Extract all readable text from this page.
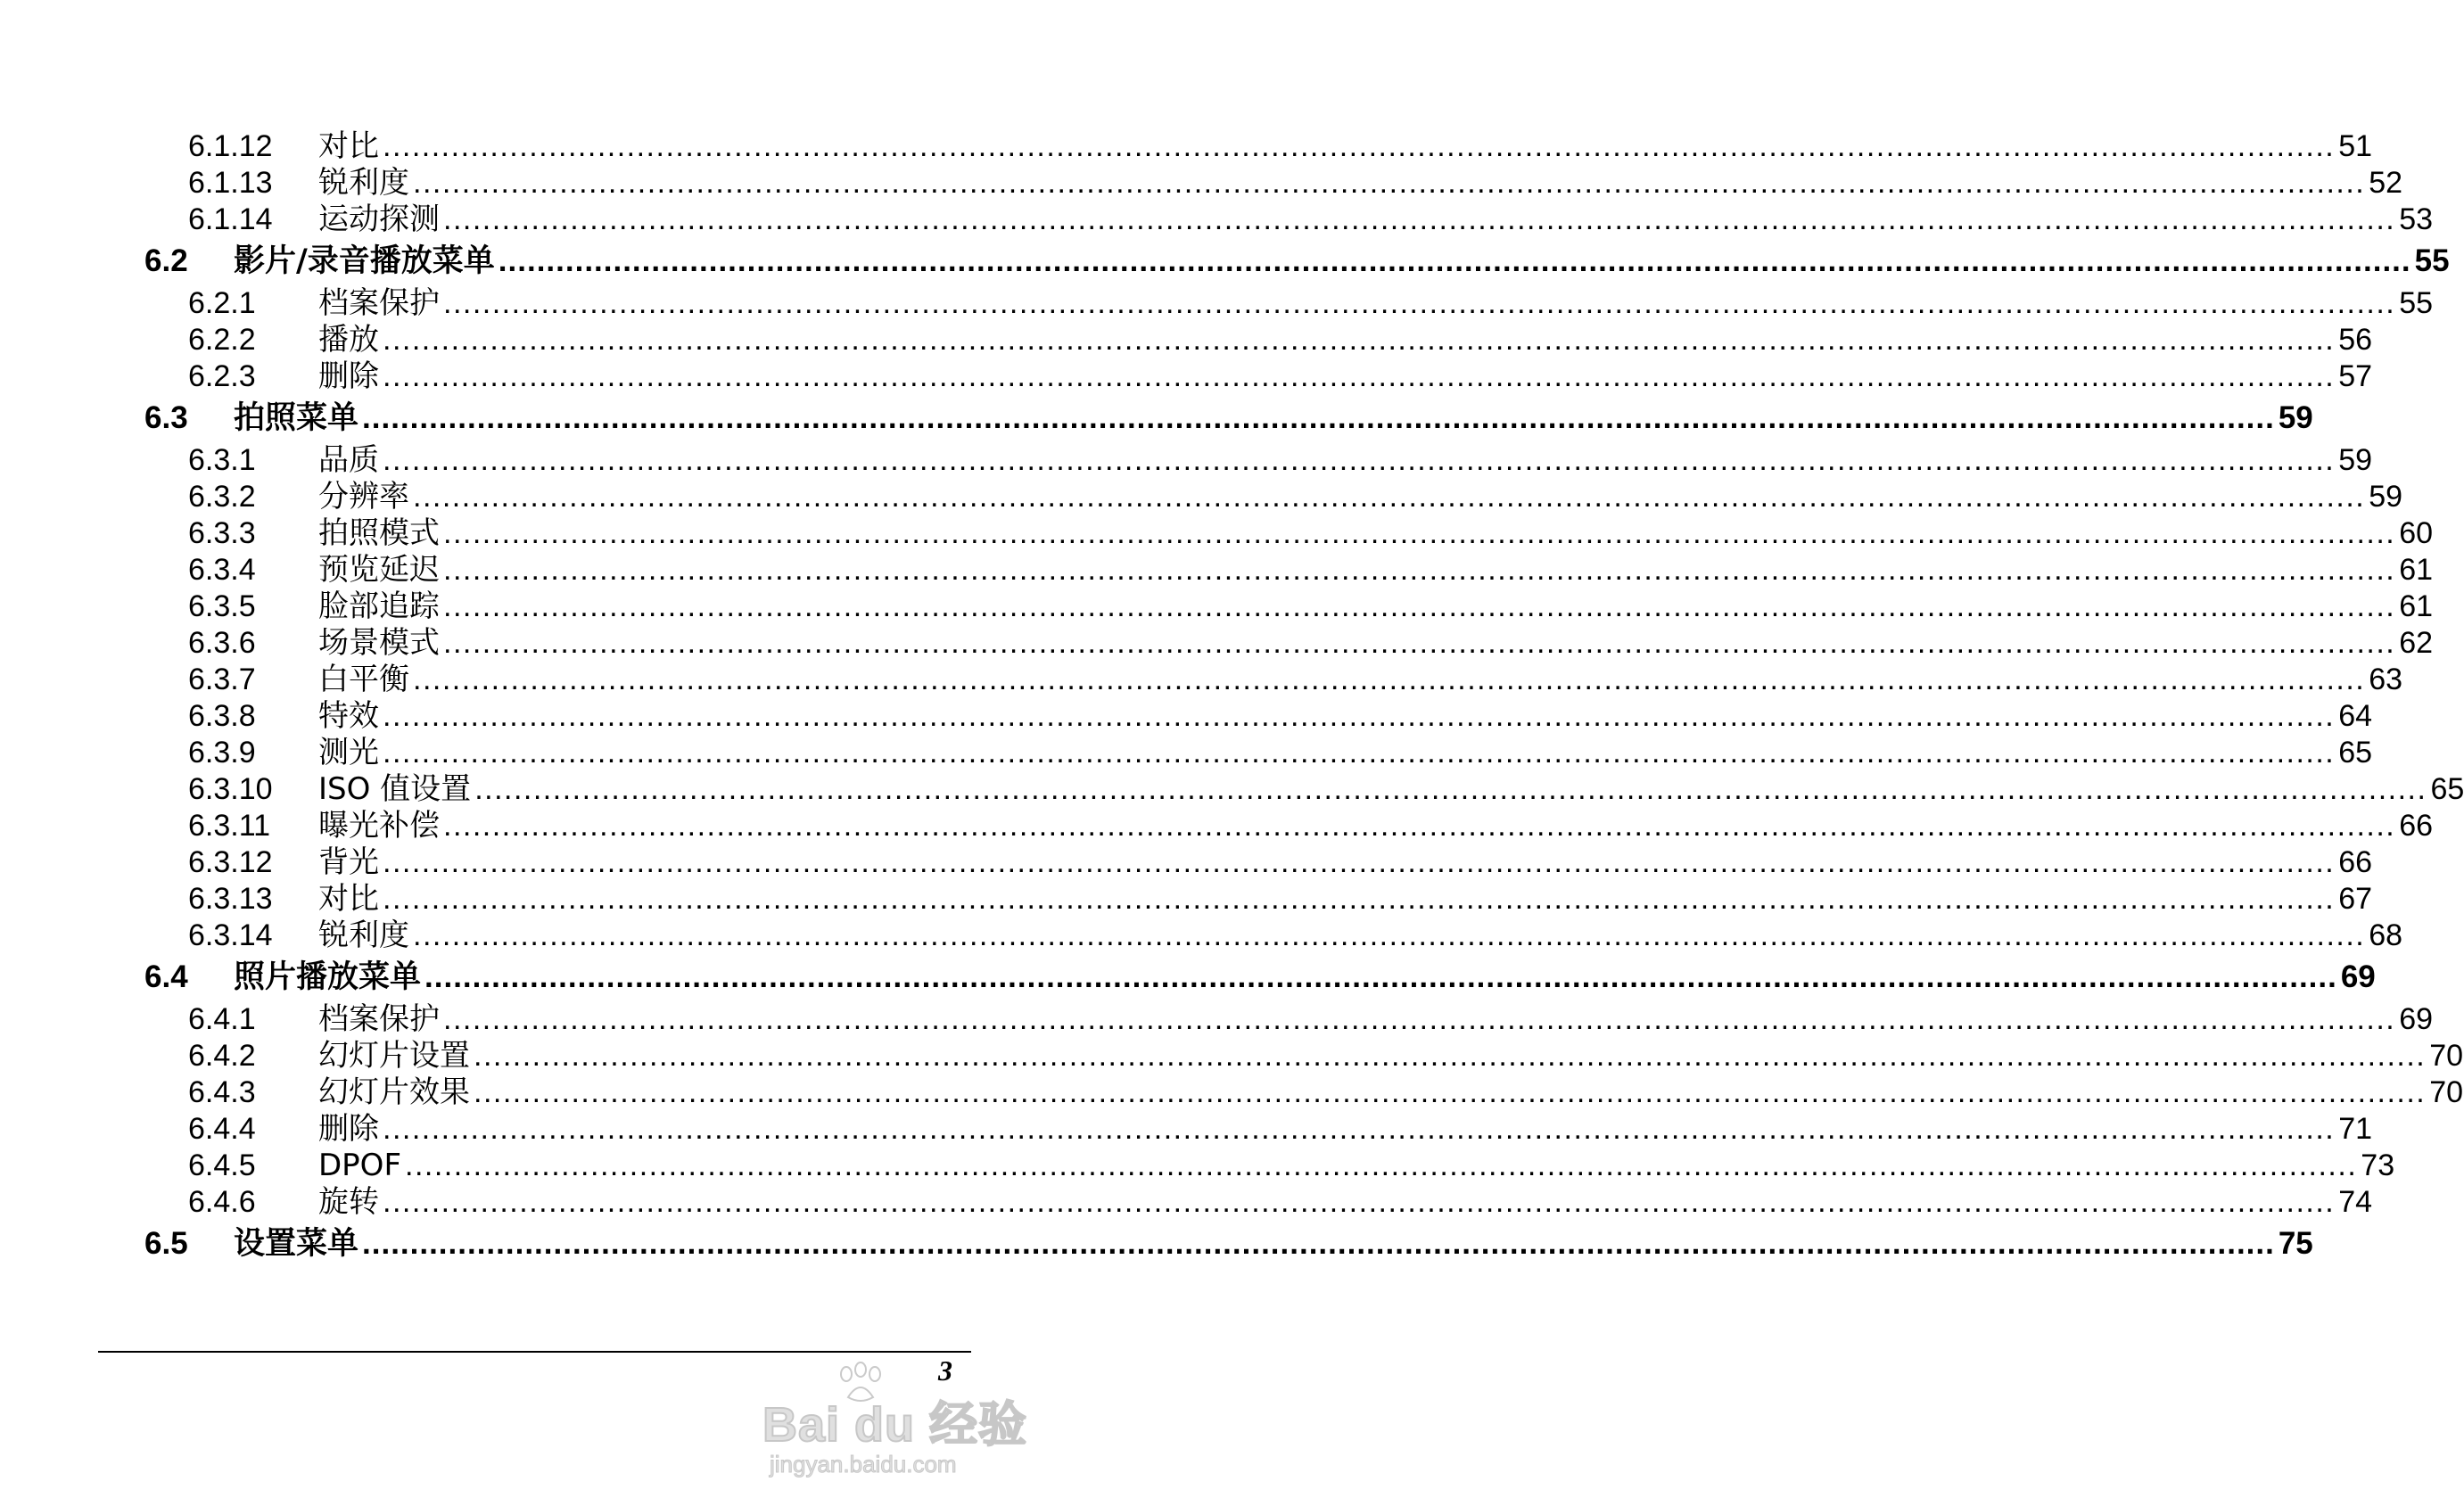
6.1.12	对比 ........................................................................................................................................................................................................ 51
6.1.13	锐利度 ........................................................................................................................................................................................................ 52
6.1.14	运动探测 ........................................................................................................................................................................................................ 53
6.2	影片/录音播放菜单 ........................................................................................................................................................................................................ 55
6.2.1	档案保护 ........................................................................................................................................................................................................ 55
6.2.2	播放 ........................................................................................................................................................................................................ 56
6.2.3	删除 ........................................................................................................................................................................................................ 57
6.3	拍照菜单 ........................................................................................................................................................................................................ 59
6.3.1	品质 ........................................................................................................................................................................................................ 59
6.3.2	分辨率 ........................................................................................................................................................................................................ 59
6.3.3	拍照模式 ........................................................................................................................................................................................................ 60
6.3.4	预览延迟 ........................................................................................................................................................................................................ 61
6.3.5	脸部追踪 ........................................................................................................................................................................................................ 61
6.3.6	场景模式 ........................................................................................................................................................................................................ 62
6.3.7	白平衡 ........................................................................................................................................................................................................ 63
6.3.8	特效 ........................................................................................................................................................................................................ 64
6.3.9	测光 ........................................................................................................................................................................................................ 65
6.3.10	ISO 值设置 ........................................................................................................................................................................................................ 65
6.3.11	曝光补偿 ........................................................................................................................................................................................................ 66
6.3.12	背光 ........................................................................................................................................................................................................ 66
6.3.13	对比 ........................................................................................................................................................................................................ 67
6.3.14	锐利度 ........................................................................................................................................................................................................ 68
6.4	照片播放菜单 ........................................................................................................................................................................................................ 69
6.4.1	档案保护 ........................................................................................................................................................................................................ 69
6.4.2	幻灯片设置 ........................................................................................................................................................................................................ 70
6.4.3	幻灯片效果 ........................................................................................................................................................................................................ 70
6.4.4	删除 ........................................................................................................................................................................................................ 71
6.4.5	DPOF ........................................................................................................................................................................................................ 73
6.4.6	旋转 ........................................................................................................................................................................................................ 74
6.5	设置菜单 ........................................................................................................................................................................................................ 75
3
Bai du 经验
jingyan.baidu.com
